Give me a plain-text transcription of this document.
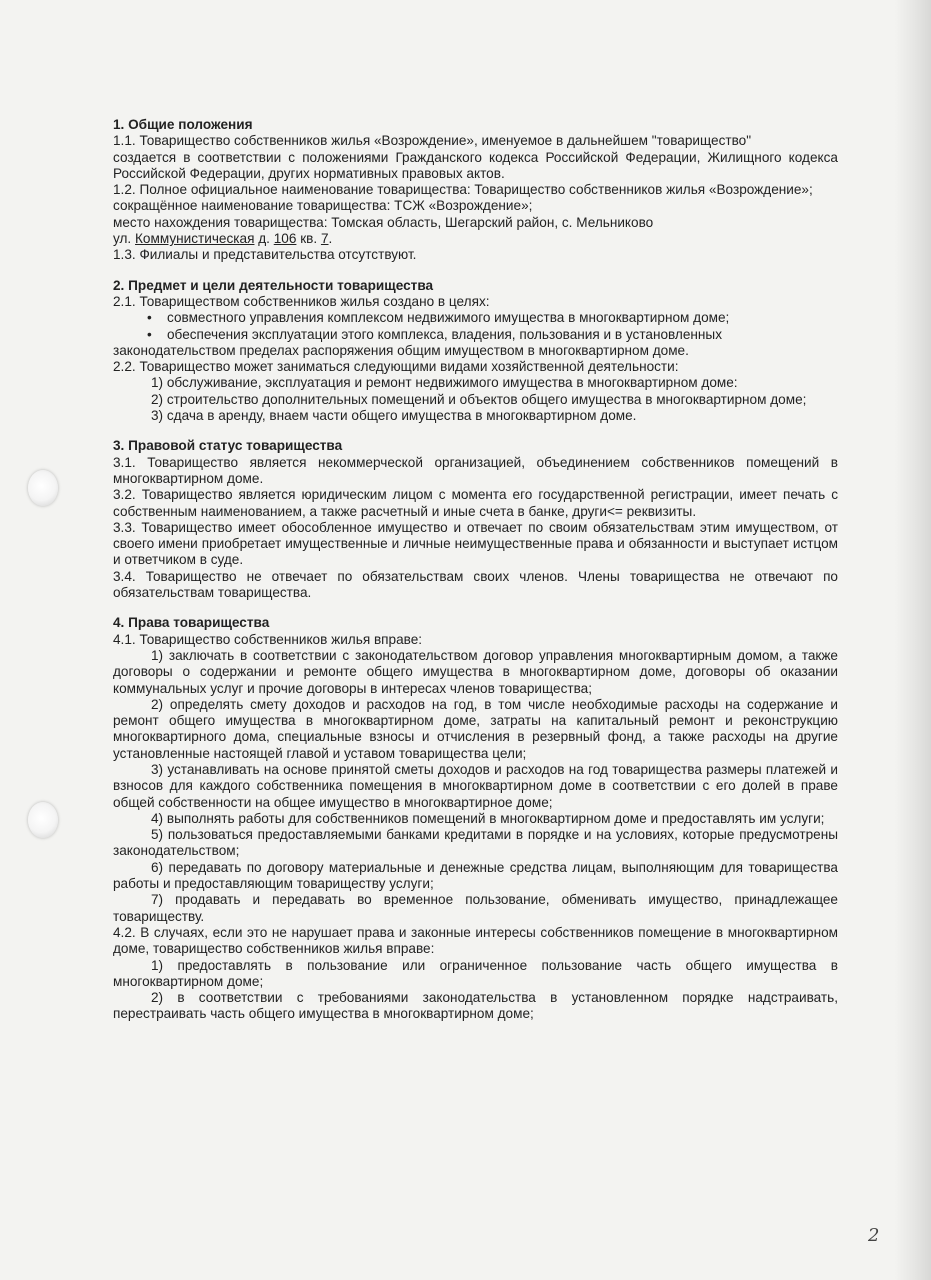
1. Общие положения

1.1. Товарищество собственников жилья «Возрождение», именуемое в дальнейшем "товарищество"

создается в соответствии с положениями Гражданского кодекса Российской Федерации, Жилищного кодекса Российской Федерации, других нормативных правовых актов.

1.2. Полное официальное наименование товарищества: Товарищество собственников жилья «Возрождение»;

сокращённое наименование товарищества: ТСЖ «Возрождение»;

место нахождения товарищества: Томская область, Шегарский район, с. Мельниково

ул. Коммунистическая д. 106 кв. 7.

1.3. Филиалы и представительства отсутствуют.

2. Предмет и цели деятельности товарищества

2.1. Товариществом собственников жилья создано в целях:

• совместного управления комплексом недвижимого имущества в многоквартирном доме;
• обеспечения эксплуатации этого комплекса, владения, пользования и в установленных

законодательством пределах распоряжения общим имуществом в многоквартирном доме.

2.2. Товарищество может заниматься следующими видами хозяйственной деятельности:

1) обслуживание, эксплуатация и ремонт недвижимого имущества в многоквартирном доме:

2) строительство дополнительных помещений и объектов общего имущества в многоквартирном доме;

3) сдача в аренду, внаем части общего имущества в многоквартирном доме.

3. Правовой статус товарищества

3.1. Товарищество является некоммерческой организацией, объединением собственников помещений в многоквартирном доме.

3.2. Товарищество является юридическим лицом с момента его государственной регистрации, имеет печать с собственным наименованием, а также расчетный и иные счета в банке, други<= реквизиты.

3.3. Товарищество имеет обособленное имущество и отвечает по своим обязательствам этим имуществом, от своего имени приобретает имущественные и личные неимущественные права и обязанности и выступает истцом и ответчиком в суде.

3.4. Товарищество не отвечает по обязательствам своих членов. Члены товарищества не отвечают по обязательствам товарищества.

4. Права товарищества

4.1. Товарищество собственников жилья вправе:

1) заключать в соответствии с законодательством договор управления многоквартирным домом, а также договоры о содержании и ремонте общего имущества в многоквартирном доме, договоры об оказании коммунальных услуг и прочие договоры в интересах членов товарищества;

2) определять смету доходов и расходов на год, в том числе необходимые расходы на содержание и ремонт общего имущества в многоквартирном доме, затраты на капитальный ремонт и реконструкцию многоквартирного дома, специальные взносы и отчисления в резервный фонд, а также расходы на другие установленные настоящей главой и уставом товарищества цели;

3) устанавливать на основе принятой сметы доходов и расходов на год товарищества размеры платежей и взносов для каждого собственника помещения в многоквартирном доме в соответствии с его долей в праве общей собственности на общее имущество в многоквартирное доме;

4) выполнять работы для собственников помещений в многоквартирном доме и предоставлять им услуги;

5) пользоваться предоставляемыми банками кредитами в порядке и на условиях, которые предусмотрены законодательством;

6) передавать по договору материальные и денежные средства лицам, выполняющим для товарищества работы и предоставляющим товариществу услуги;

7) продавать и передавать во временное пользование, обменивать имущество, принадлежащее товариществу.

4.2. В случаях, если это не нарушает права и законные интересы собственников помещение в многоквартирном доме, товарищество собственников жилья вправе:

1) предоставлять в пользование или ограниченное пользование часть общего имущества в многоквартирном доме;

2) в соответствии с требованиями законодательства в установленном порядке надстраивать, перестраивать часть общего имущества в многоквартирном доме;

2
